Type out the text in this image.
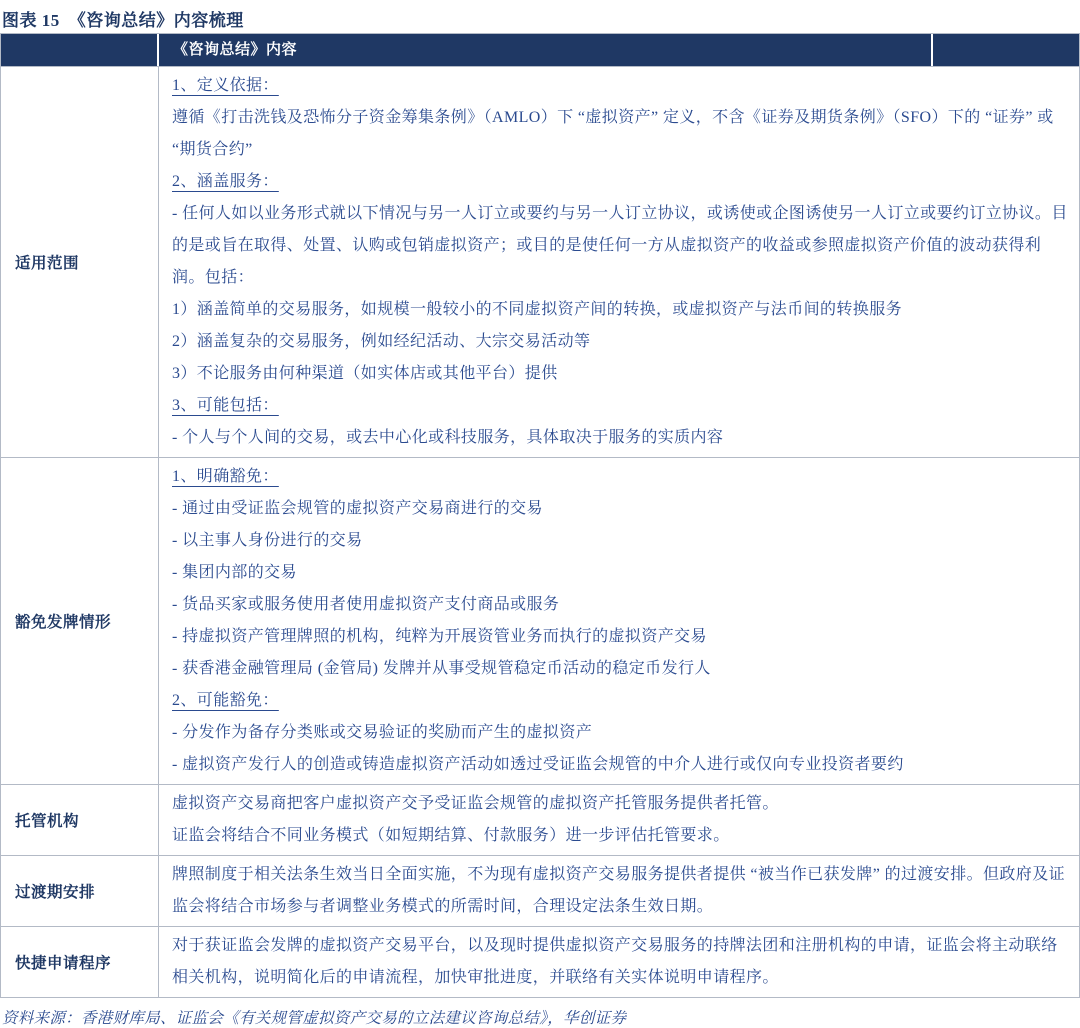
图表 15　《咨询总结》内容梳理
《咨询总结》内容
适用范围
1、定义依据：
遵循《打击洗钱及恐怖分子资金筹集条例》（AMLO）下 “虚拟资产” 定义，不含《证券及期货条例》（SFO）下的 “证券” 或 “期货合约”
2、涵盖服务：
- 任何人如以业务形式就以下情况与另一人订立或要约与另一人订立协议，或诱使或企图诱使另一人订立或要约订立协议。目的是或旨在取得、处置、认购或包销虚拟资产；或目的是使任何一方从虚拟资产的收益或参照虚拟资产价值的波动获得利润。包括：
1）涵盖简单的交易服务，如规模一般较小的不同虚拟资产间的转换，或虚拟资产与法币间的转换服务
2）涵盖复杂的交易服务，例如经纪活动、大宗交易活动等
3）不论服务由何种渠道（如实体店或其他平台）提供
3、可能包括：
- 个人与个人间的交易，或去中心化或科技服务，具体取决于服务的实质内容
豁免发牌情形
1、明确豁免：
- 通过由受证监会规管的虚拟资产交易商进行的交易
- 以主事人身份进行的交易
- 集团内部的交易
- 货品买家或服务使用者使用虚拟资产支付商品或服务
- 持虚拟资产管理牌照的机构，纯粹为开展资管业务而执行的虚拟资产交易
- 获香港金融管理局 (金管局) 发牌并从事受规管稳定币活动的稳定币发行人
2、可能豁免：
- 分发作为备存分类账或交易验证的奖励而产生的虚拟资产
- 虚拟资产发行人的创造或铸造虚拟资产活动如透过受证监会规管的中介人进行或仅向专业投资者要约
托管机构
虚拟资产交易商把客户虚拟资产交予受证监会规管的虚拟资产托管服务提供者托管。
证监会将结合不同业务模式（如短期结算、付款服务）进一步评估托管要求。
过渡期安排
牌照制度于相关法条生效当日全面实施，不为现有虚拟资产交易服务提供者提供 “被当作已获发牌” 的过渡安排。但政府及证监会将结合市场参与者调整业务模式的所需时间，合理设定法条生效日期。
快捷申请程序
对于获证监会发牌的虚拟资产交易平台，以及现时提供虚拟资产交易服务的持牌法团和注册机构的申请，证监会将主动联络相关机构，说明简化后的申请流程，加快审批进度，并联络有关实体说明申请程序。
资料来源：香港财库局、证监会《有关规管虚拟资产交易的立法建议咨询总结》，华创证券
